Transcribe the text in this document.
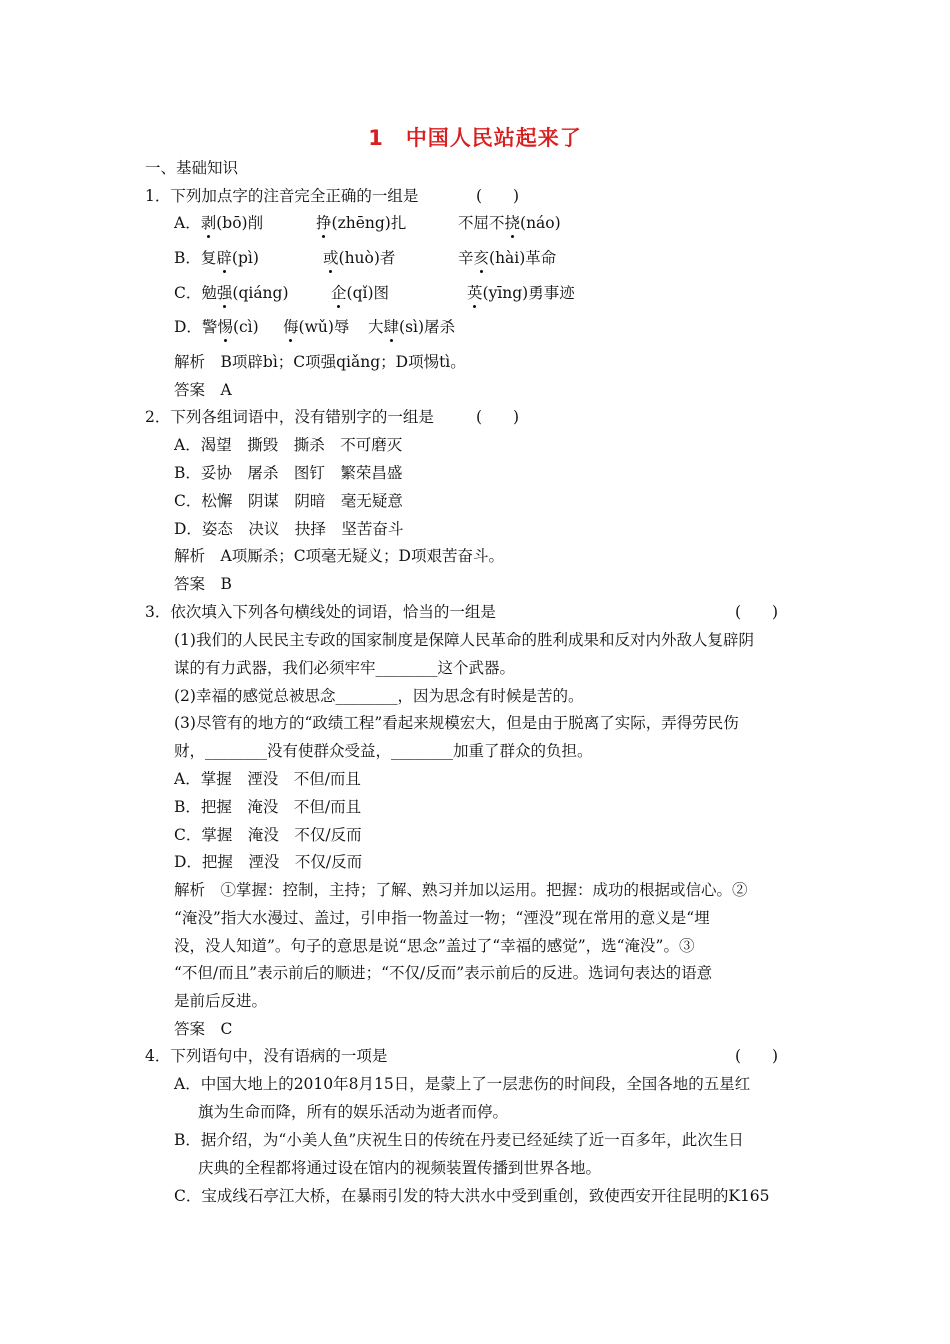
1 中国人民站起来了
一、基础知识
1．下列加点字的注音完全正确的一组是	(　　)
A．剥(bō)削	挣(zhēng)扎	不屈不挠(náo)
B．复辟(pì)	或(huò)者	辛亥(hài)革命
C．勉强(qiáng)	企(qǐ)图	英(yīng)勇事迹
D．警惕(cì) 侮(wǔ)辱 大肆(sì)屠杀
解析　B项辟bì；C项强qiǎng；D项惕tì。
答案　A
2．下列各组词语中，没有错别字的一组是	(　　)
A．渴望　撕毁　撕杀　不可磨灭
B．妥协　屠杀　图钉　繁荣昌盛
C．松懈　阴谋　阴暗　毫无疑意
D．姿态　决议　抉择　坚苦奋斗
解析　A项厮杀；C项毫无疑义；D项艰苦奋斗。
答案　B
3．依次填入下列各句横线处的词语，恰当的一组是	(　　)
(1)我们的人民民主专政的国家制度是保障人民革命的胜利成果和反对内外敌人复辟阴
谋的有力武器，我们必须牢牢________这个武器。
(2)幸福的感觉总被思念________，因为思念有时候是苦的。
(3)尽管有的地方的“政绩工程”看起来规模宏大，但是由于脱离了实际，弄得劳民伤
财，________没有使群众受益，________加重了群众的负担。
A．掌握　湮没　不但/而且
B．把握　淹没　不但/而且
C．掌握　淹没　不仅/反而
D．把握　湮没　不仅/反而
解析　①掌握：控制，主持；了解、熟习并加以运用。把握：成功的根据或信心。②
“淹没”指大水漫过、盖过，引申指一物盖过一物；“湮没”现在常用的意义是“埋
没，没人知道”。句子的意思是说“思念”盖过了“幸福的感觉”，选“淹没”。③
“不但/而且”表示前后的顺进；“不仅/反而”表示前后的反进。选词句表达的语意
是前后反进。
答案　C
4．下列语句中，没有语病的一项是	(　　)
A．中国大地上的2010年8月15日，是蒙上了一层悲伤的时间段，全国各地的五星红
旗为生命而降，所有的娱乐活动为逝者而停。
B．据介绍，为“小美人鱼”庆祝生日的传统在丹麦已经延续了近一百多年，此次生日
庆典的全程都将通过设在馆内的视频装置传播到世界各地。
C．宝成线石亭江大桥，在暴雨引发的特大洪水中受到重创，致使西安开往昆明的K165
